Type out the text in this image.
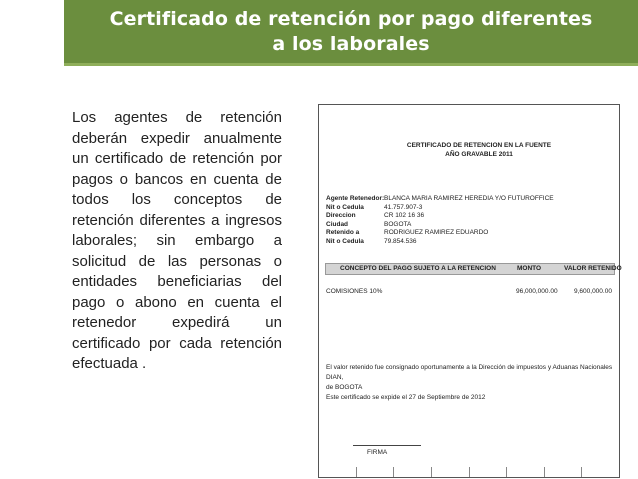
Certificado de retención por pago diferentes
a los laborales
Los agentes de retención deberán expedir anualmente un certificado de retención por pagos o bancos en cuenta de todos los conceptos de retención diferentes a ingresos laborales; sin embargo a solicitud de las personas o entidades beneficiarias del pago o abono en cuenta el retenedor expedirá un certificado por cada retención efectuada .
CERTIFICADO DE RETENCION EN LA FUENTE
AÑO GRAVABLE 2011
Agente Retenedor: BLANCA MARIA RAMIREZ HEREDIA Y/O FUTUROFFICE
Nit o Cedula	41.757.907-3
Direccion	CR 102 16 36
Ciudad	BOGOTA
Retenido a	RODRIGUEZ RAMIREZ EDUARDO
Nit o Cedula	79.854.536
CONCEPTO DEL PAGO SUJETO A LA RETENCION	MONTO	VALOR RETENIDO
COMISIONES 10%	96,000,000.00	9,600,000.00
El valor retenido fue consignado oportunamente a la Dirección de impuestos y Aduanas Nacionales DIAN,
de BOGOTA
Este certificado se expide el 27 de Septiembre de 2012
FIRMA
